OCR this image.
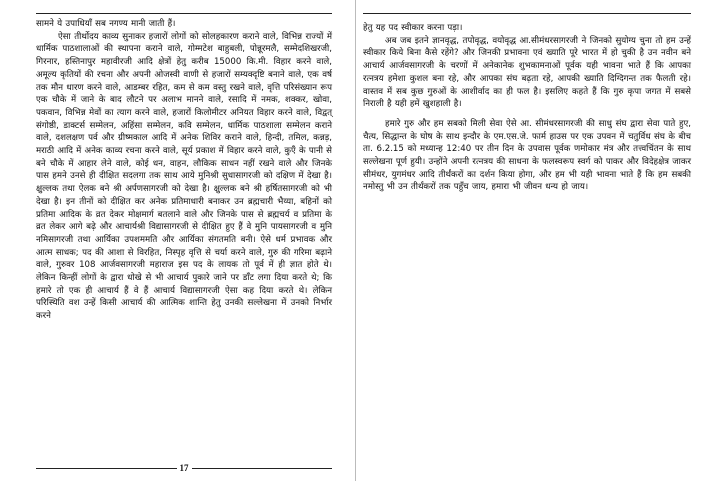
सामने ये उपाधियाँ सब नगण्य मानी जाती हैं।

ऐसा तीर्थोदय काव्य सुनाकर हजारों लोगों को सोलहकारण कराने वाले, विभिन्न राज्यों में धार्मिक पाठशालाओं की स्थापना कराने वाले, गोम्मटेश बाहुबली, पोन्नूरमलै, सम्मेदशिखरजी, गिरनार, हस्तिनापुर महावीरजी आदि क्षेत्रों हेतु करीब 15000 कि.मी. विहार करने वाले, अमूल्य कृतियों की रचना और अपनी ओजस्वी वाणी से हजारों सम्यक्दृष्टि बनाने वाले, एक वर्ष तक मौन धारण करने वाले, आडम्बर रहित, कम से कम वस्तु रखने वाले, वृत्ति परिसंख्यान रूप एक चौके में जाने के बाद लौटने पर अलाभ मानने वाले, रसादि में नमक, शक्कर, खोवा, पकवान, विभिन्न मेवों का त्याग करने वाले, हजारों किलोमीटर अनियत विहार करने वाले, विद्वत् संगोष्ठी, डाक्टर्स सम्मेलन, अहिंसा सम्मेलन, कवि सम्मेलन, धार्मिक पाठशाला सम्मेलन कराने वाले, दशलक्षण पर्व और ग्रीष्मकाल आदि में अनेक शिविर कराने वाले, हिन्दी, तमिल, कन्नड़, मराठी आदि में अनेक काव्य रचना करने वाले, सूर्य प्रकाश में विहार करने वाले, कुएँ के पानी से बने चौके में आहार लेने वाले, कोई धन, वाहन, लौकिक साधन नहीं रखने वाले और जिनके पास हमने उनसे ही दीक्षित सदलगा तक साथ आये मुनिश्री सुधासागरजी को दक्षिण में देखा है। क्षुल्लक तथा ऐलक बने श्री अर्पणसागरजी को देखा है। क्षुल्लक बने श्री हर्षितसागरजी को भी देखा है। इन तीनों को दीक्षित कर अनेक प्रतिमाधारी बनाकर उन ब्रह्मचारी भैय्या, बहिनों को प्रतिमा आदिक के व्रत देकर मोक्षमार्ग बतलाने वाले और जिनके पास से ब्रह्मचर्य व प्रतिमा के व्रत लेकर आगे बढ़े और आचार्यश्री विद्यासागरजी से दीक्षित हुए हैं वे मुनि पायसागरजी व मुनि नमिसागरजी तथा आर्यिका उपशममति और आर्यिका संगतमति बनी। ऐसे धर्म प्रभावक और आत्म साधक; पद की आशा से विरहित, निस्पृह वृत्ति से चर्या करने वाले, गुरु की गरिमा बढ़ाने वाले, गुरुवर 108 आर्जवसागरजी महाराज इस पद के लायक तो पूर्व में ही ज्ञात होते थे। लेकिन किन्हीं लोगों के द्वारा धोखे से भी आचार्य पुकारे जाने पर डाँट लगा दिया करते थे; कि हमारे तो एक ही आचार्य हैं वे हैं आचार्य विद्यासागरजी ऐसा कह दिया करते थे। लेकिन परिस्थिति वश उन्हें किसी आचार्य की आत्मिक शान्ति हेतु उनकी सल्लेखना में उनको निर्भार करने

17

हेतु यह पद स्वीकार करना पड़ा।

अब जब इतने ज्ञानवृद्ध, तपोवृद्ध, वयोवृद्ध आ.सीमंधरसागरजी ने जिनको सुयोग्य चुना तो हम उन्हें स्वीकार किये बिना कैसे रहेंगे? और जिनकी प्रभावना एवं ख्याति पूरे भारत में हो चुकी है उन नवीन बने आचार्य आर्जवसागरजी के चरणों में अनेकानेक शुभकामनाओं पूर्वक यही भावना भाते हैं कि आपका रत्नत्रय हमेशा कुशल बना रहे, और आपका संघ बढ़ता रहे, आपकी ख्याति दिग्दिगन्त तक फैलती रहे। वास्तव में सब कुछ गुरुओं के आशीर्वाद का ही फल है। इसलिए कहते हैं कि गुरु कृपा जगत में सबसे निराली है यही हमें खुशहाली है।

हमारे गुरु और हम सबको मिली सेवा ऐसे आ. सीमंधरसागरजी की साधु संघ द्वारा सेवा पाते हुए, चैत्य, सिद्धान्त के घोष के साथ इन्दौर के एम.एस.जे. फार्म हाउस पर एक उपवन में चतुर्विध संघ के बीच ता. 6.2.15 को मध्यान्ह 12:40 पर तीन दिन के उपवास पूर्वक णमोकार मंत्र और तत्त्वचिंतन के साथ सल्लेखना पूर्ण हुयी। उन्होंने अपनी रत्नत्रय की साधना के फलस्वरूप स्वर्ग को पाकर और विदेहक्षेत्र जाकर सीमंधर, युगमंधर आदि तीर्थंकरों का दर्शन किया होगा, और हम भी यही भावना भाते हैं कि हम सबकी नमोस्तु भी उन तीर्थंकरों तक पहुँच जाय, हमारा भी जीवन धन्य हो जाय।
